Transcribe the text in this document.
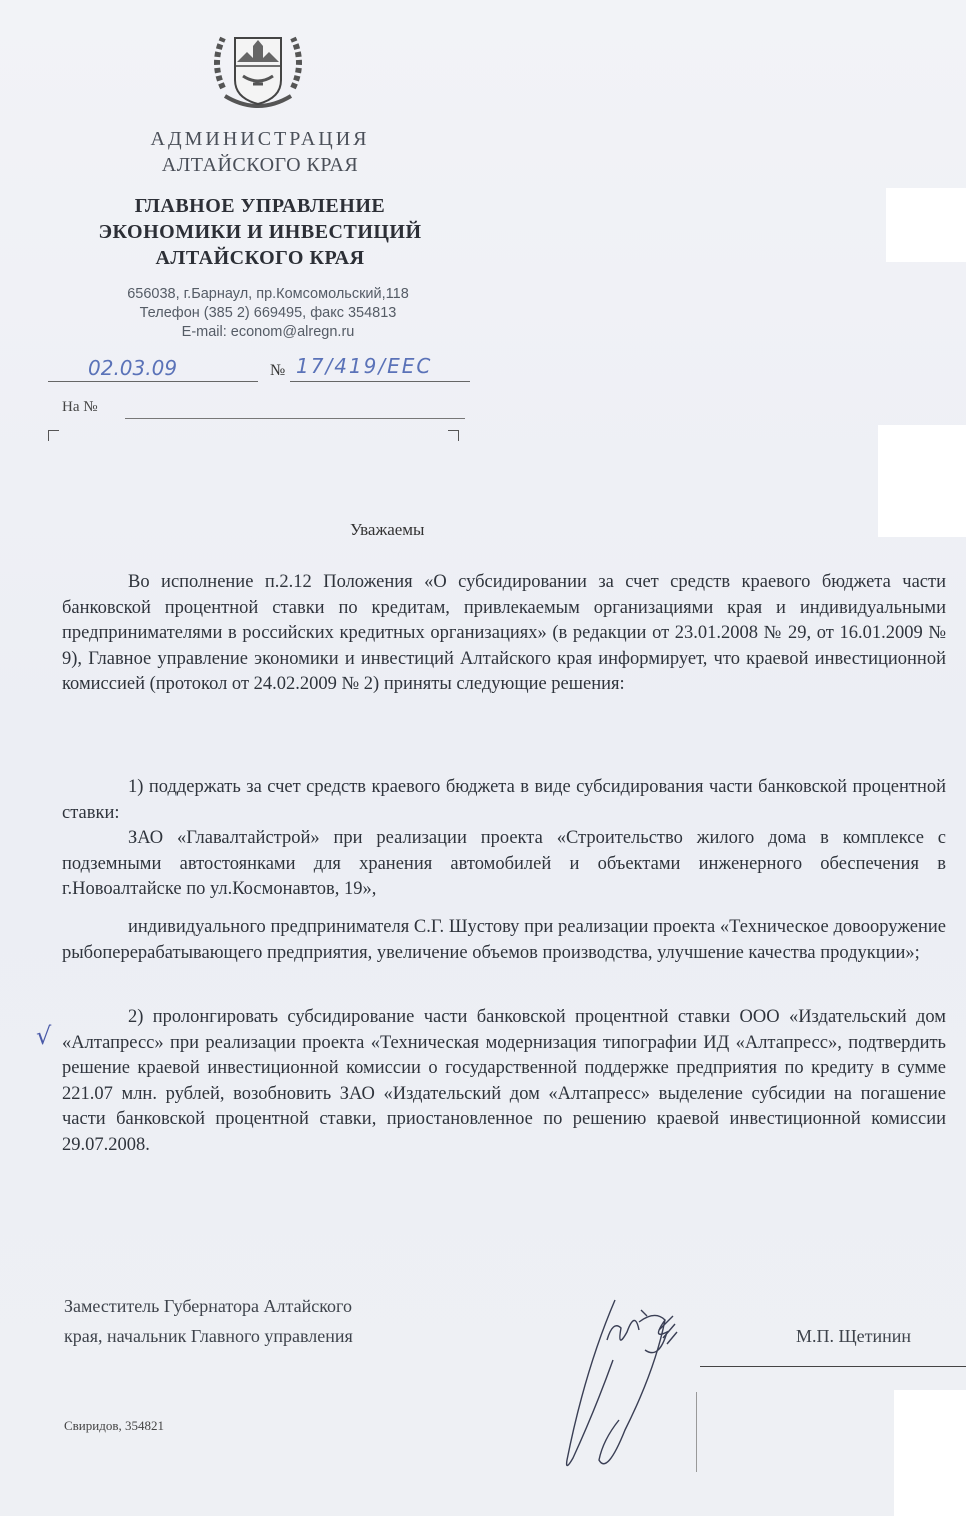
АДМИНИСТРАЦИЯ
АЛТАЙСКОГО КРАЯ
ГЛАВНОЕ УПРАВЛЕНИЕ
ЭКОНОМИКИ И ИНВЕСТИЦИЙ
АЛТАЙСКОГО КРАЯ
656038, г.Барнаул, пр.Комсомольский,118
Телефон (385 2) 669495, факс 354813
E-mail: econom@alregn.ru
02.03.09	№ 17/419/ЕЕС
На №
Уважаемы
Во исполнение п.2.12 Положения «О субсидировании за счет средств краевого бюджета части банковской процентной ставки по кредитам, привлекаемым организациями края и индивидуальными предпринимателями в российских кредитных организациях» (в редакции от 23.01.2008 № 29, от 16.01.2009 № 9), Главное управление экономики и инвестиций Алтайского края информирует, что краевой инвестиционной комиссией (протокол от 24.02.2009 № 2) приняты следующие решения:
1) поддержать за счет средств краевого бюджета в виде субсидирования части банковской процентной ставки:
ЗАО «Главалтайстрой» при реализации проекта «Строительство жилого дома в комплексе с подземными автостоянками для хранения автомобилей и объектами инженерного обеспечения в г.Новоалтайске по ул.Космонавтов, 19»,
индивидуального предпринимателя С.Г. Шустову при реализации проекта «Техническое довооружение рыбоперерабатывающего предприятия, увеличение объемов производства, улучшение качества продукции»;
2) пролонгировать субсидирование части банковской процентной ставки ООО «Издательский дом «Алтапресс» при реализации проекта «Техническая модернизация типографии ИД «Алтапресс», подтвердить решение краевой инвестиционной комиссии о государственной поддержке предприятия по кредиту в сумме 221.07 млн. рублей, возобновить ЗАО «Издательский дом «Алтапресс» выделение субсидии на погашение части банковской процентной ставки, приостановленное по решению краевой инвестиционной комиссии 29.07.2008.
√
Заместитель Губернатора Алтайского
края, начальник Главного управления	М.П. Щетинин
Свиридов, 354821
